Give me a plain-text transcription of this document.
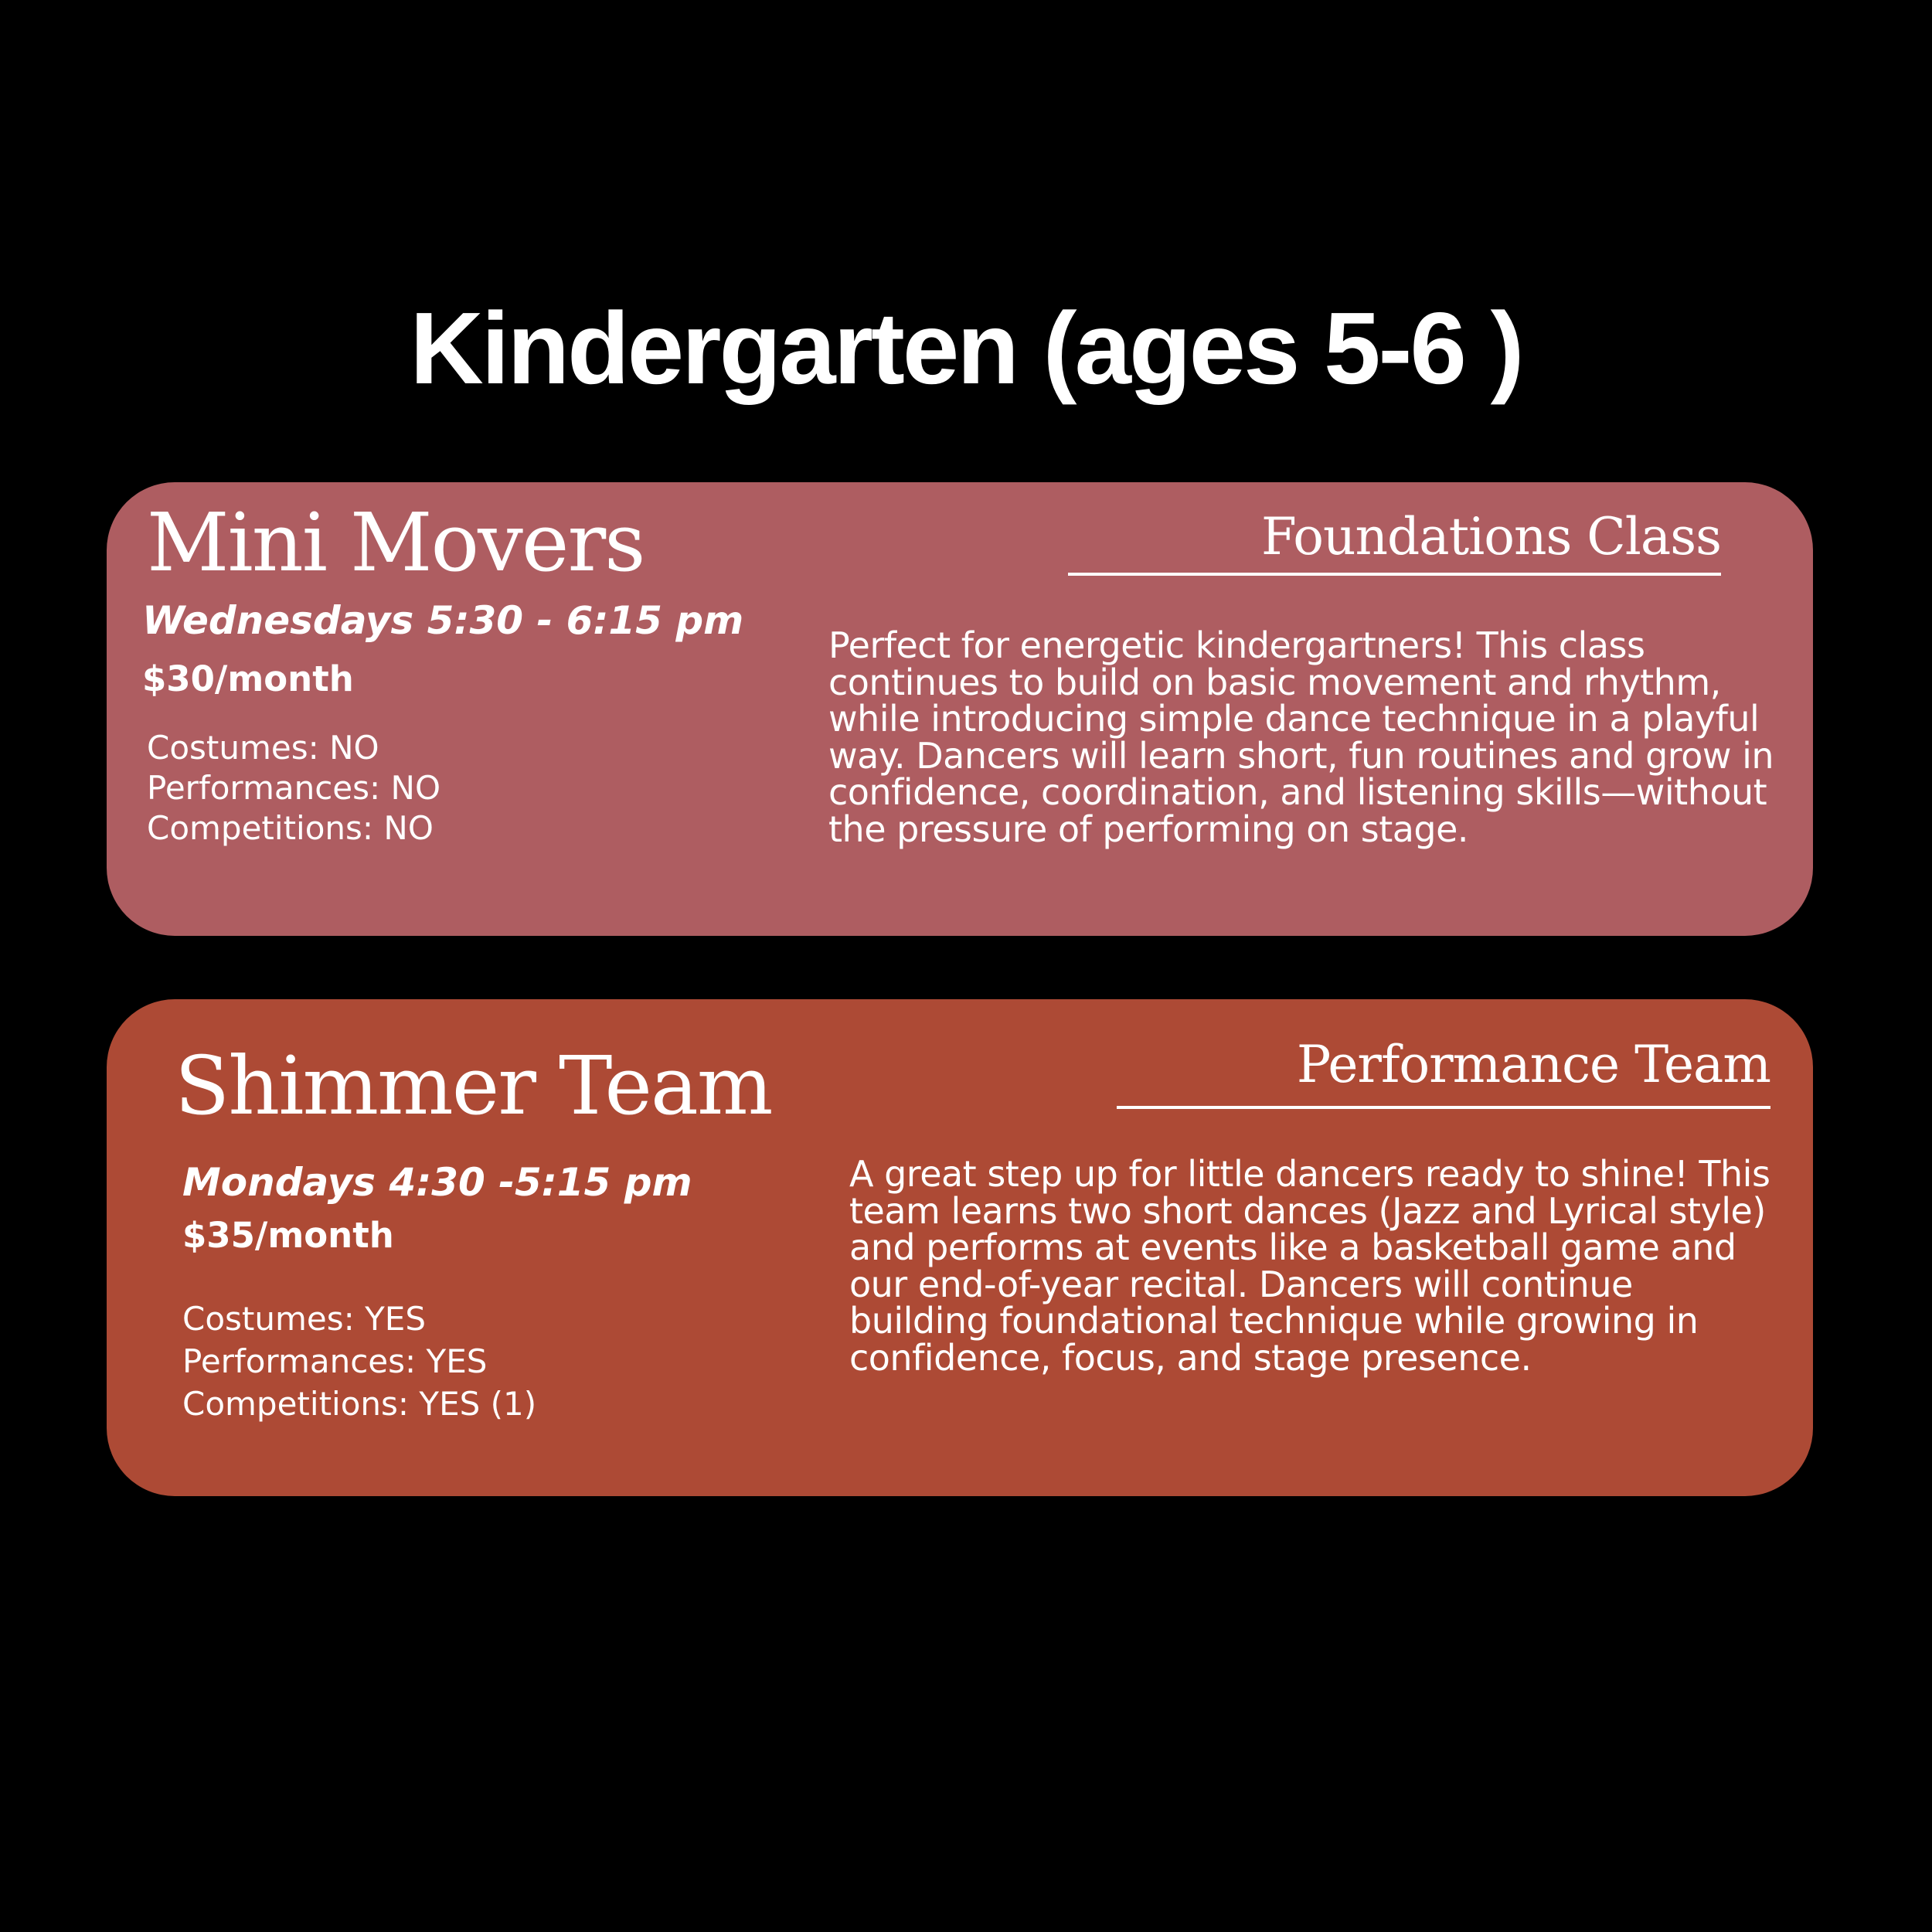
Kindergarten (ages 5-6 )
Mini Movers	Foundations Class
Wednesdays 5:30 - 6:15 pm
$30/month
Costumes: NO
Performances: NO
Competitions: NO

Perfect for energetic kindergartners! This class continues to build on basic movement and rhythm, while introducing simple dance technique in a playful way. Dancers will learn short, fun routines and grow in confidence, coordination, and listening skills—without the pressure of performing on stage.

Shimmer Team	Performance Team
Mondays 4:30 -5:15 pm
$35/month
Costumes: YES
Performances: YES
Competitions: YES (1)

A great step up for little dancers ready to shine! This team learns two short dances (Jazz and Lyrical style) and performs at events like a basketball game and our end-of-year recital. Dancers will continue building foundational technique while growing in confidence, focus, and stage presence.
